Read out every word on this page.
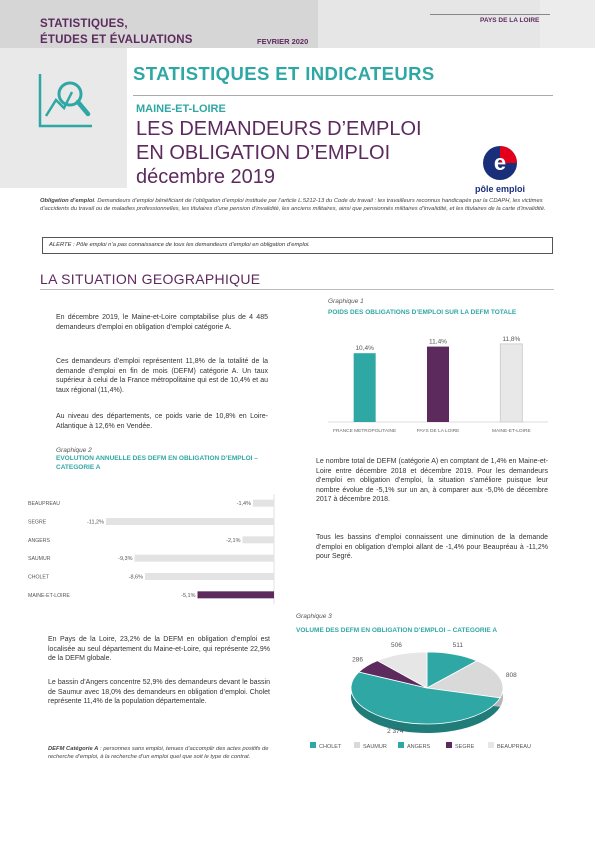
STATISTIQUES,
ÉTUDES ET ÉVALUATIONS	FEVRIER 2020
PAYS DE LA LOIRE
STATISTIQUES ET INDICATEURS
MAINE-ET-LOIRE
LES DEMANDEURS D’EMPLOI
EN OBLIGATION D’EMPLOI
décembre 2019
e
pôle emploi
Obligation d’emploi. Demandeurs d’emploi bénéficiant de l’obligation d’emploi instituée par l’article L.5212-13 du Code du travail : les travailleurs reconnus handicapés par la CDAPH, les victimes d’accidents du travail ou de maladies professionnelles, les titulaires d’une pension d’invalidité, les anciens militaires, ainsi que pensionnés militaires d’invalidité, et les titulaires de la carte d’invalidité.
ALERTE : Pôle emploi n’a pas connaissance de tous les demandeurs d’emploi en obligation d’emploi.
LA SITUATION GEOGRAPHIQUE
En décembre 2019, le Maine-et-Loire comptabilise plus de 4 485 demandeurs d’emploi en obligation d’emploi catégorie A.
Ces demandeurs d’emploi représentent 11,8% de la totalité de la demande d’emploi en fin de mois (DEFM) catégorie A. Un taux supérieur à celui de la France métropolitaine qui est de 10,4% et au taux régional (11,4%).
Au niveau des départements, ce poids varie de 10,8% en Loire-Atlantique à 12,6% en Vendée.
Graphique 1
POIDS DES OBLIGATIONS D’EMPLOI SUR LA DEFM TOTALE
10,4%
FRANCE METROPOLITAINE
11,4%
PAYS DE LA LOIRE
11,8%
MAINE-ET-LOIRE
Graphique 2
EVOLUTION ANNUELLE DES DEFM EN OBLIGATION D’EMPLOI –
CATEGORIE A
BEAUPREAU	-1,4%
SEGRE	-11,2%
ANGERS	-2,1%
SAUMUR	-9,3%
CHOLET	-8,6%
MAINE-ET-LOIRE	-5,1%
Le nombre total de DEFM (catégorie A) en comptant de 1,4% en Maine-et-Loire entre décembre 2018 et décembre 2019. Pour les demandeurs d’emploi en obligation d’emploi, la situation s’améliore puisque leur nombre évolue de -5,1% sur un an, à comparer aux -5,0% de décembre 2017 à décembre 2018.
Tous les bassins d’emploi connaissent une diminution de la demande d’emploi en obligation d’emploi allant de -1,4% pour Beaupréau à -11,2% pour Segré.
En Pays de la Loire, 23,2% de la DEFM en obligation d’emploi est localisée au seul département du Maine-et-Loire, qui représente 22,9% de la DEFM globale.
Le bassin d’Angers concentre 52,9% des demandeurs devant le bassin de Saumur avec 18,0% des demandeurs en obligation d’emploi. Cholet représente 11,4% de la population départementale.
DEFM Catégorie A : personnes sans emploi, tenues d’accomplir des actes positifs de recherche d’emploi, à la recherche d’un emploi quel que soit le type de contrat.
Graphique 3
VOLUME DES DEFM EN OBLIGATION D’EMPLOI – CATEGORIE A
511
808
2 374
286
506
CHOLET	SAUMUR	ANGERS	SEGRE	BEAUPREAU
